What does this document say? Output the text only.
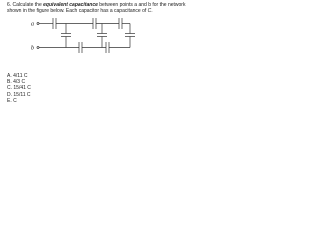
6. Calculate the equivalent capacitance between points a and b for the network shown in the figure below. Each capacitor has a capacitance of C.

a
b
A. 4/11 C
B. 4/3 C
C. 15/41 C
D. 15/11 C
E. C
